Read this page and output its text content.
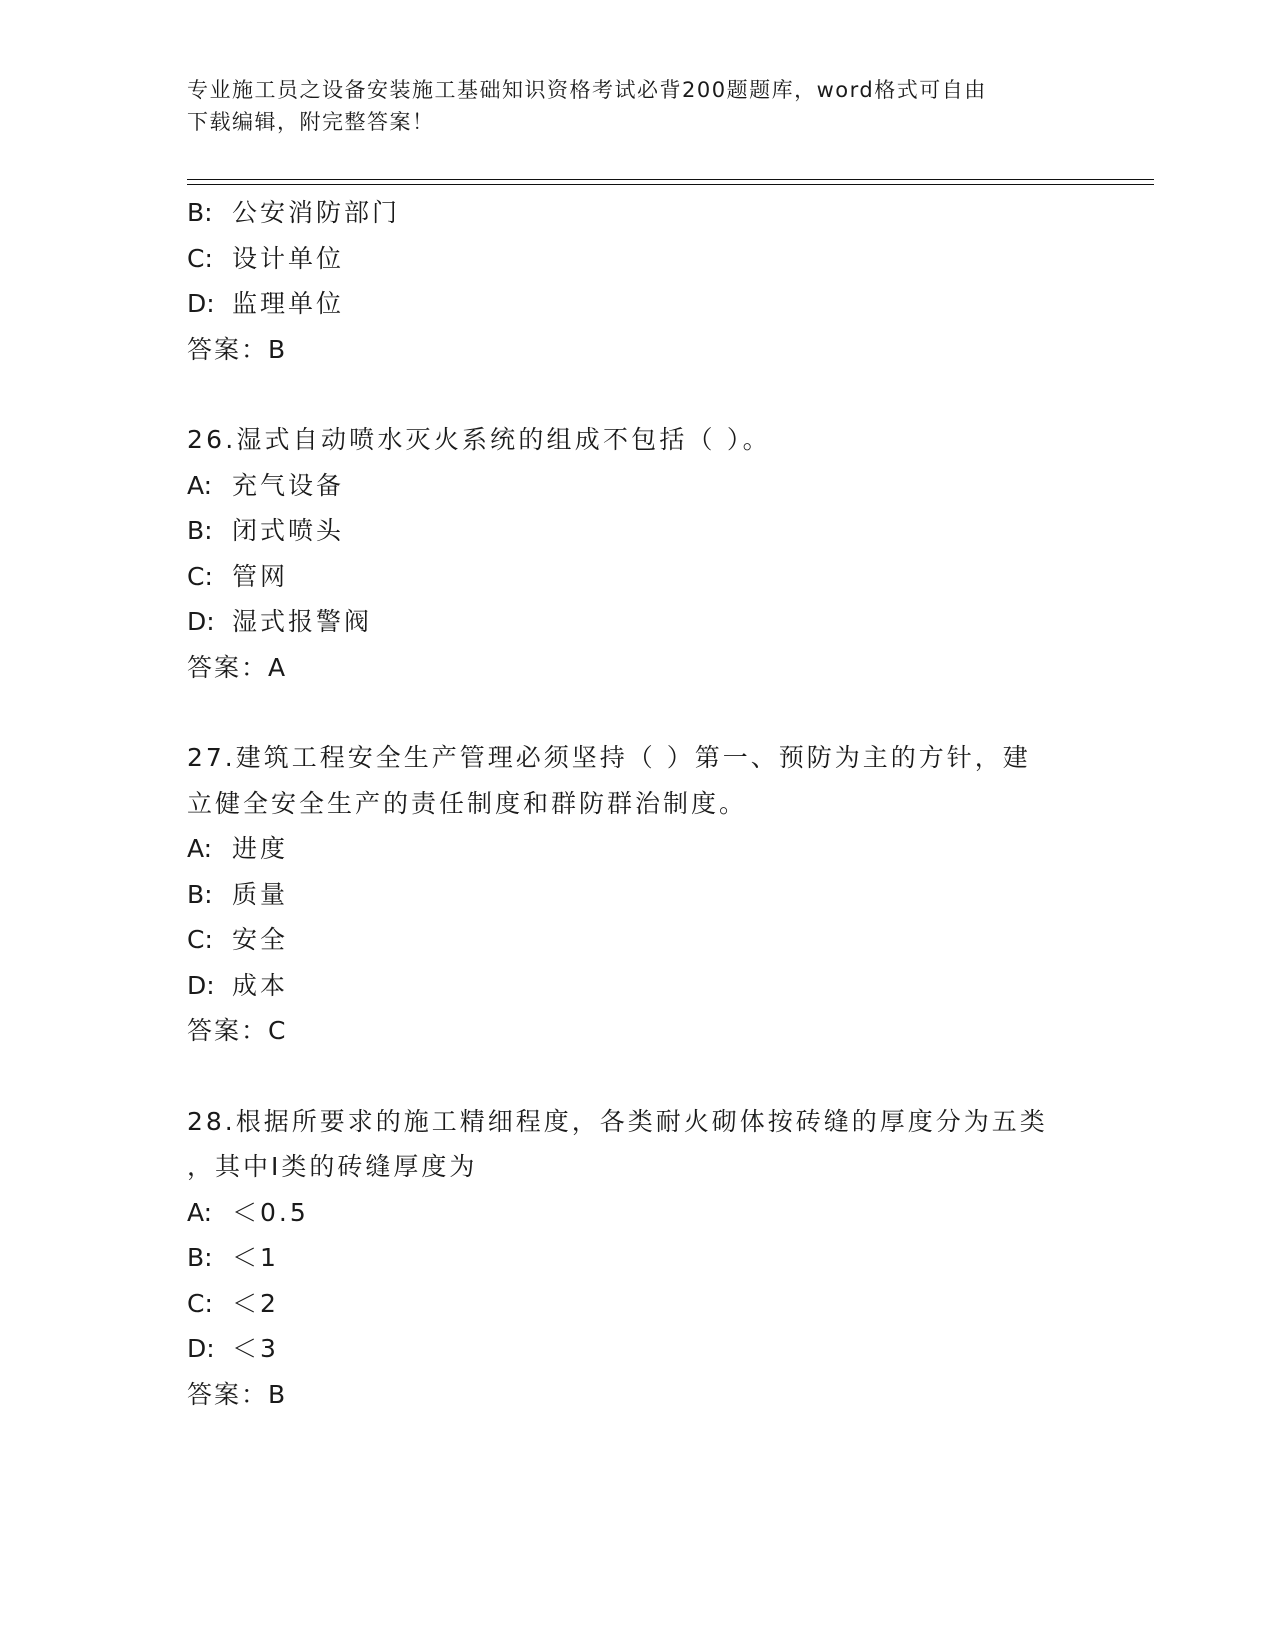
专业施工员之设备安装施工基础知识资格考试必背200题题库，word格式可自由
下载编辑，附完整答案！
B: 公安消防部门
C: 设计单位
D: 监理单位
答案：B
26.湿式自动喷水灭火系统的组成不包括（ ）。
A: 充气设备
B: 闭式喷头
C: 管网
D: 湿式报警阀
答案：A
27.建筑工程安全生产管理必须坚持（ ）第一、预防为主的方针，建
立健全安全生产的责任制度和群防群治制度。
A: 进度
B: 质量
C: 安全
D: 成本
答案：C
28.根据所要求的施工精细程度，各类耐火砌体按砖缝的厚度分为五类
，其中Ⅰ类的砖缝厚度为
A: ＜0.5
B: ＜1
C: ＜2
D: ＜3
答案：B
